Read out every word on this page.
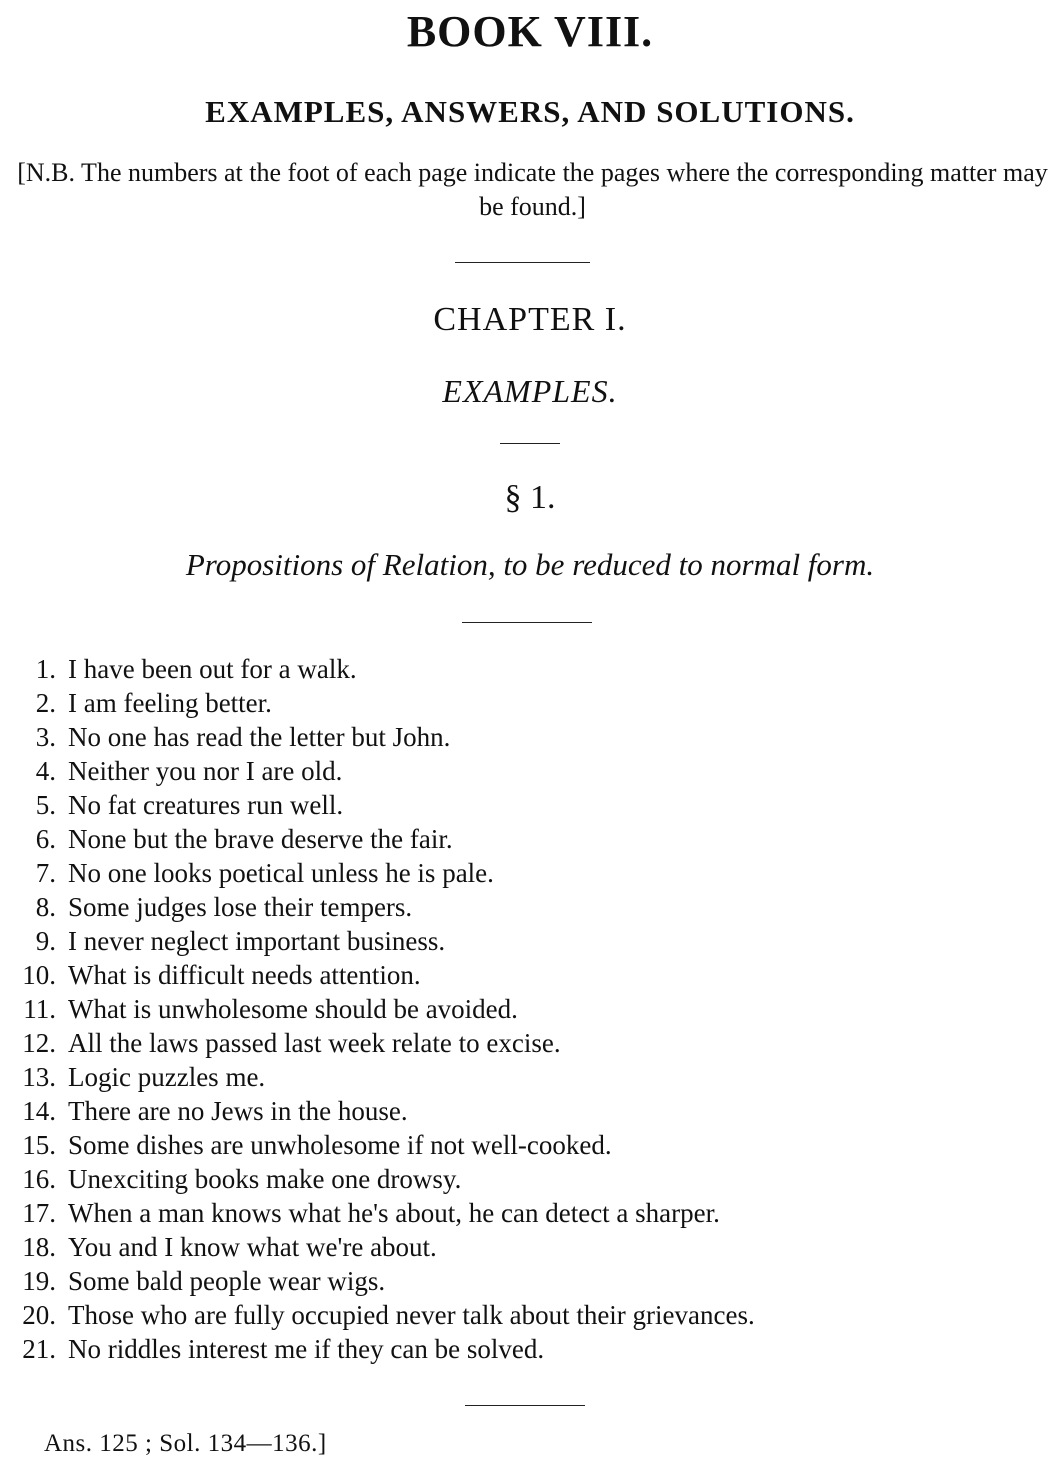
BOOK VIII.
EXAMPLES, ANSWERS, AND SOLUTIONS.
[N.B. The numbers at the foot of each page indicate the pages where the corresponding matter may be found.]
CHAPTER I.
EXAMPLES.
§ 1.
Propositions of Relation, to be reduced to normal form.
1. I have been out for a walk.
2. I am feeling better.
3. No one has read the letter but John.
4. Neither you nor I are old.
5. No fat creatures run well.
6. None but the brave deserve the fair.
7. No one looks poetical unless he is pale.
8. Some judges lose their tempers.
9. I never neglect important business.
10. What is difficult needs attention.
11. What is unwholesome should be avoided.
12. All the laws passed last week relate to excise.
13. Logic puzzles me.
14. There are no Jews in the house.
15. Some dishes are unwholesome if not well-cooked.
16. Unexciting books make one drowsy.
17. When a man knows what he's about, he can detect a sharper.
18. You and I know what we're about.
19. Some bald people wear wigs.
20. Those who are fully occupied never talk about their grievances.
21. No riddles interest me if they can be solved.
Ans. 125 ; Sol. 134—136.]
